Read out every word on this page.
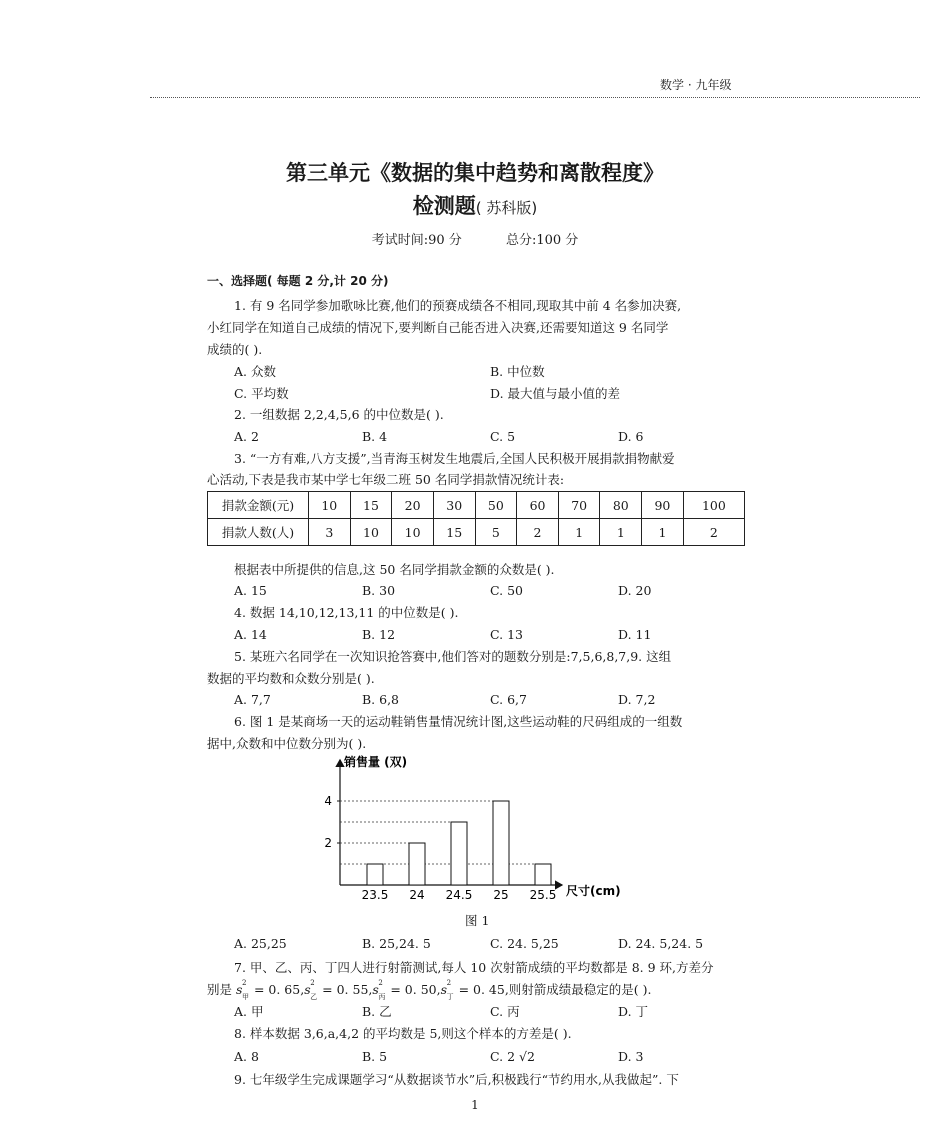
数学 · 九年级
第三单元《数据的集中趋势和离散程度》
检测题( 苏科版)
考试时间:90 分	总分:100 分
一、选择题( 每题 2 分,计 20 分)
1. 有 9 名同学参加歌咏比赛,他们的预赛成绩各不相同,现取其中前 4 名参加决赛,
小红同学在知道自己成绩的情况下,要判断自己能否进入决赛,还需要知道这 9 名同学
成绩的( ).
A. 众数	B. 中位数
C. 平均数	D. 最大值与最小值的差
2. 一组数据 2,2,4,5,6 的中位数是( ).
A. 2	B. 4	C. 5	D. 6
3. “一方有难,八方支援”,当青海玉树发生地震后,全国人民积极开展捐款捐物献爱
心活动,下表是我市某中学七年级二班 50 名同学捐款情况统计表:
捐款金额(元)	10	15	20	30	50	60	70	80	90	100
捐款人数(人)	3	10	10	15	5	2	1	1	1	2
根据表中所提供的信息,这 50 名同学捐款金额的众数是( ).
A. 15	B. 30	C. 50	D. 20
4. 数据 14,10,12,13,11 的中位数是( ).
A. 14	B. 12	C. 13	D. 11
5. 某班六名同学在一次知识抢答赛中,他们答对的题数分别是:7,5,6,8,7,9. 这组
数据的平均数和众数分别是( ).
A. 7,7	B. 6,8	C. 6,7	D. 7,2
6. 图 1 是某商场一天的运动鞋销售量情况统计图,这些运动鞋的尺码组成的一组数
据中,众数和中位数分别为( ).
销售量 (双)
尺寸(cm)
23.5 24 24.5 25 25.5
2
4
图 1
A. 25,25	B. 25,24. 5	C. 24. 5,25	D. 24. 5,24. 5
7. 甲、乙、丙、丁四人进行射箭测试,每人 10 次射箭成绩的平均数都是 8. 9 环,方差分
别是 s 2
甲 = 0. 65,s 2
乙 = 0. 55,s 2
丙 = 0. 50,s 2
丁 = 0. 45,则射箭成绩最稳定的是( ).
A. 甲	B. 乙	C. 丙	D. 丁
8. 样本数据 3,6,a,4,2 的平均数是 5,则这个样本的方差是( ).
A. 8	B. 5	C. 2 √2	D. 3
9. 七年级学生完成课题学习“从数据谈节水”后,积极践行“节约用水,从我做起”. 下
1
